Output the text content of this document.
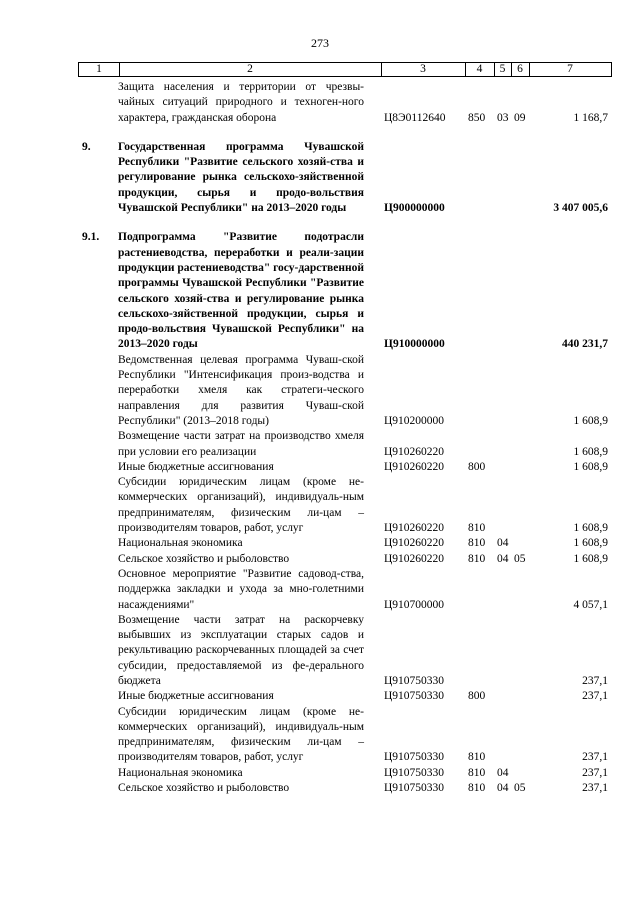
273
1	2	3	4	5	6	7
Защита населения и территории от чрезвы-чайных ситуаций природного и техноген-ного характера, гражданская оборона	Ц8Э0112640 850 03 09	1 168,7
9.	Государственная программа Чувашской Республики "Развитие сельского хозяй-ства и регулирование рынка сельскохо-зяйственной продукции, сырья и продо-вольствия Чувашской Республики" на 2013–2020 годы	Ц900000000	3 407 005,6
9.1.	Подпрограмма "Развитие подотрасли растениеводства, переработки и реали-зации продукции растениеводства" госу-дарственной программы Чувашской Республики "Развитие сельского хозяй-ства и регулирование рынка сельскохо-зяйственной продукции, сырья и продо-вольствия Чувашской Республики" на 2013–2020 годы	Ц910000000	440 231,7
Ведомственная целевая программа Чуваш-ской Республики "Интенсификация произ-водства и переработки хмеля как стратеги-ческого направления для развития Чуваш-ской Республики" (2013–2018 годы)	Ц910200000	1 608,9
Возмещение части затрат на производство хмеля при условии его реализации	Ц910260220	1 608,9
Иные бюджетные ассигнования	Ц910260220 800	1 608,9
Субсидии юридическим лицам (кроме не-коммерческих организаций), индивидуаль-ным предпринимателям, физическим ли-цам – производителям товаров, работ, услуг	Ц910260220 810	1 608,9
Национальная экономика	Ц910260220 810 04	1 608,9
Сельское хозяйство и рыболовство	Ц910260220 810 04 05	1 608,9
Основное мероприятие "Развитие садовод-ства, поддержка закладки и ухода за мно-голетними насаждениями"	Ц910700000	4 057,1
Возмещение части затрат на раскорчевку выбывших из эксплуатации старых садов и рекультивацию раскорчеванных площадей за счет субсидии, предоставляемой из фе-дерального бюджета	Ц910750330	237,1
Иные бюджетные ассигнования	Ц910750330 800	237,1
Субсидии юридическим лицам (кроме не-коммерческих организаций), индивидуаль-ным предпринимателям, физическим ли-цам – производителям товаров, работ, услуг	Ц910750330 810	237,1
Национальная экономика	Ц910750330 810 04	237,1
Сельское хозяйство и рыболовство	Ц910750330 810 04 05	237,1
